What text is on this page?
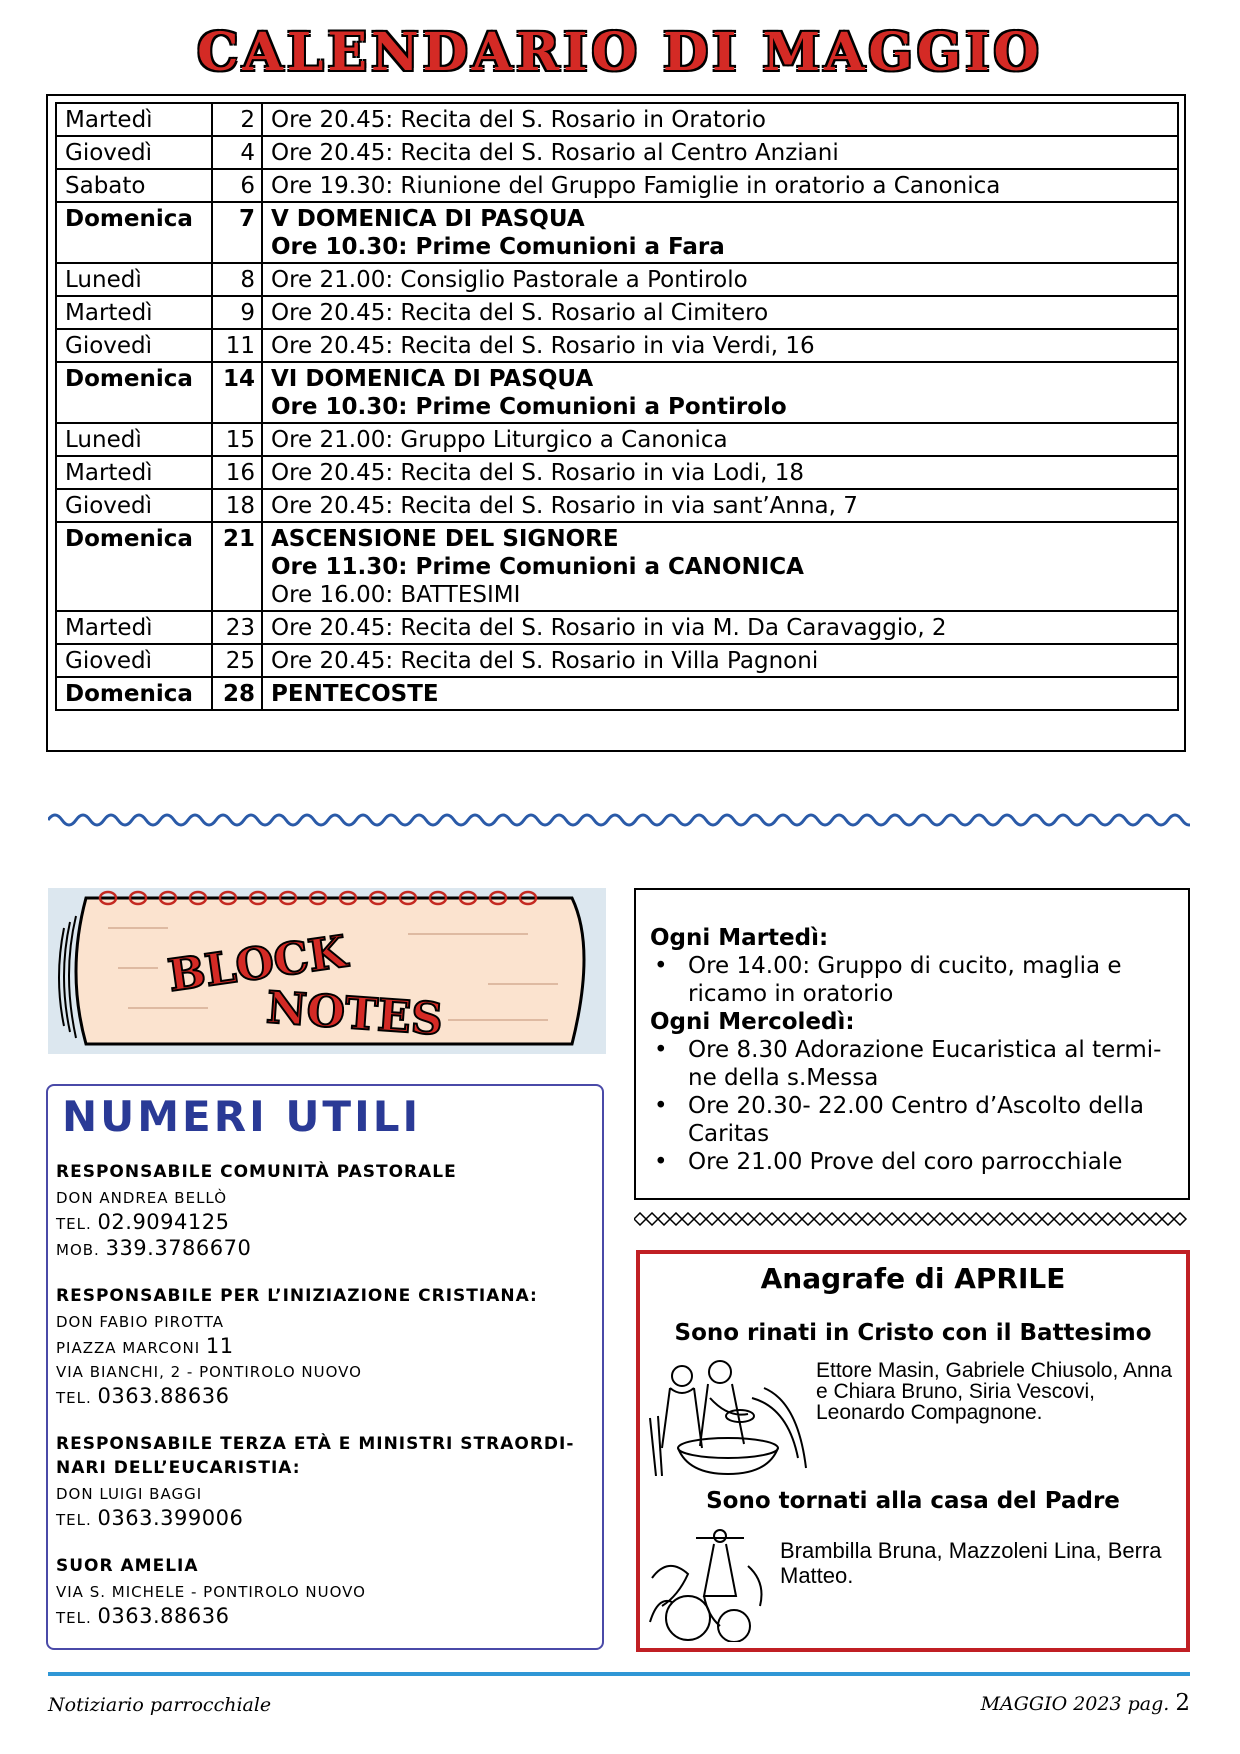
CALENDARIO DI MAGGIO
Martedì	2	Ore 20.45: Recita del S. Rosario in Oratorio

Giovedì	4	Ore 20.45: Recita del S. Rosario al Centro Anziani

Sabato	6	Ore 19.30: Riunione del Gruppo Famiglie in oratorio a Canonica

Domenica	7	V DOMENICA DI PASQUA
Ore 10.30: Prime Comunioni a Fara

Lunedì	8	Ore 21.00: Consiglio Pastorale a Pontirolo

Martedì	9	Ore 20.45: Recita del S. Rosario al Cimitero

Giovedì	11	Ore 20.45: Recita del S. Rosario in via Verdi, 16

Domenica	14	VI DOMENICA DI PASQUA
Ore 10.30: Prime Comunioni a Pontirolo

Lunedì	15	Ore 21.00: Gruppo Liturgico a Canonica

Martedì	16	Ore 20.45: Recita del S. Rosario in via Lodi, 18

Giovedì	18	Ore 20.45: Recita del S. Rosario in via sant’Anna, 7

Domenica	21	ASCENSIONE DEL SIGNORE
Ore 11.30: Prime Comunioni a CANONICA
Ore 16.00: BATTESIMI

Martedì	23	Ore 20.45: Recita del S. Rosario in via M. Da Caravaggio, 2

Giovedì	25	Ore 20.45: Recita del S. Rosario in Villa Pagnoni

Domenica	28	PENTECOSTE
BLOCK
NOTES
Ogni Martedì:
• Ore 14.00: Gruppo di cucito, maglia e ricamo in oratorio
Ogni Mercoledì:
• Ore 8.30 Adorazione Eucaristica al termi-ne della s.Messa
• Ore 20.30- 22.00 Centro d’Ascolto della Caritas
• Ore 21.00 Prove del coro parrocchiale
NUMERI UTILI
RESPONSABILE COMUNITÀ PASTORALE
DON ANDREA BELLÒ
TEL. 02.9094125
MOB. 339.3786670
RESPONSABILE PER L’INIZIAZIONE CRISTIANA:
DON FABIO PIROTTA
PIAZZA MARCONI 11
VIA BIANCHI, 2 - PONTIROLO NUOVO
TEL. 0363.88636
RESPONSABILE TERZA ETÀ E MINISTRI STRAORDI-NARI DELL’EUCARISTIA:
DON LUIGI BAGGI
TEL. 0363.399006
SUOR AMELIA
VIA S. MICHELE - PONTIROLO NUOVO
TEL. 0363.88636
Anagrafe di APRILE
Sono rinati in Cristo con il Battesimo
Ettore Masin, Gabriele Chiusolo, Anna e Chiara Bruno, Siria Vescovi, Leonardo Compagnone.
Sono tornati alla casa del Padre
Brambilla Bruna, Mazzoleni Lina, Berra Matteo.
Notiziario parrocchiale	MAGGIO 2023 pag. 2
